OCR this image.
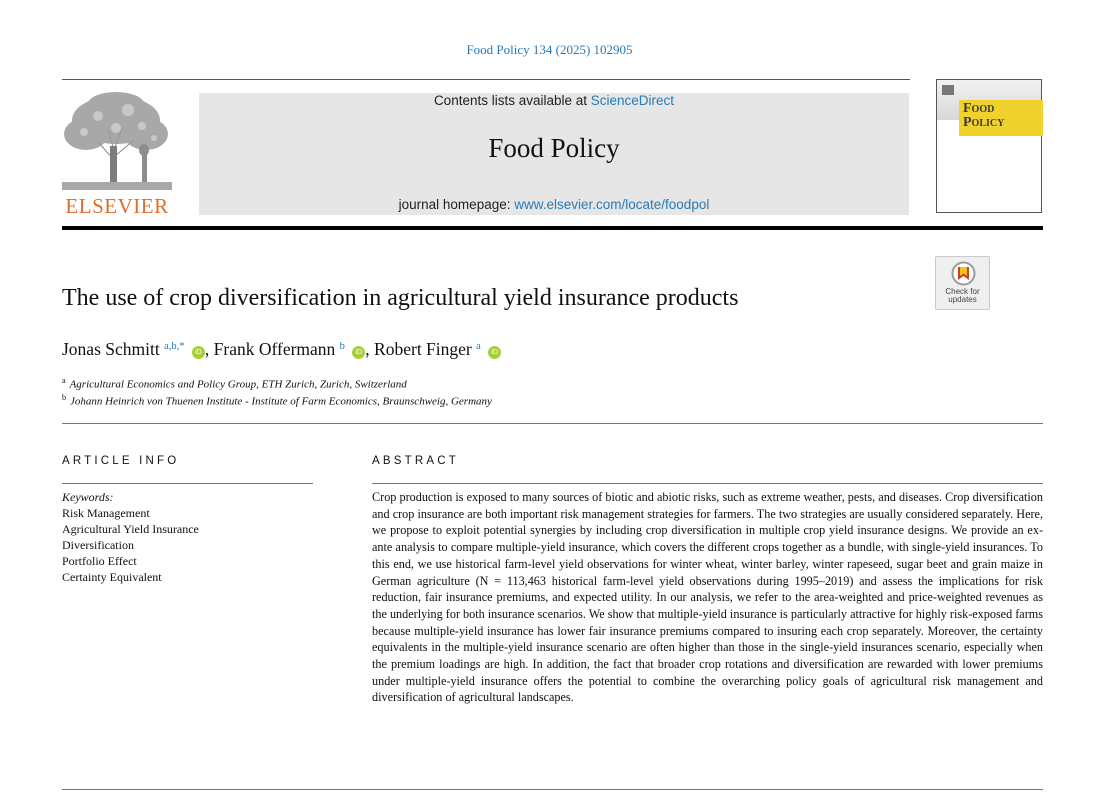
Food Policy 134 (2025) 102905
ELSEVIER
Contents lists available at ScienceDirect
Food Policy
journal homepage: www.elsevier.com/locate/foodpol
Food
Policy
Check for
updates
The use of crop diversification in agricultural yield insurance products
Jonas Schmitt $^{a,b,*}$ iD , Frank Offermann $^b$ iD , Robert Finger $^a$ iD
$^a$ Agricultural Economics and Policy Group, ETH Zurich, Zurich, Switzerland
$^b$ Johann Heinrich von Thuenen Institute - Institute of Farm Economics, Braunschweig, Germany
ARTICLE INFO
Keywords:
Risk Management
Agricultural Yield Insurance
Diversification
Portfolio Effect
Certainty Equivalent
ABSTRACT
Crop production is exposed to many sources of biotic and abiotic risks, such as extreme weather, pests, and diseases. Crop diversification and crop insurance are both important risk management strategies for farmers. The two strategies are usually considered separately. Here, we propose to exploit potential synergies by including crop diversification in multiple crop yield insurance designs. We provide an ex-ante analysis to compare multiple-yield insurance, which covers the different crops together as a bundle, with single-yield insurances. To this end, we use historical farm-level yield observations for winter wheat, winter barley, winter rapeseed, sugar beet and grain maize in German agriculture (N = 113,463 historical farm-level yield observations during 1995–2019) and assess the implications for risk reduction, fair insurance premiums, and expected utility. In our analysis, we refer to the area-weighted and price-weighted revenues as the underlying for both insurance scenarios. We show that multiple-yield insurance is particularly attractive for highly risk-exposed farms because multiple-yield insurance has lower fair insurance premiums compared to insuring each crop separately. Moreover, the certainty equivalents in the multiple-yield insurance scenario are often higher than those in the single-yield insurances scenario, especially when the premium loadings are high. In addition, the fact that broader crop rotations and diversification are rewarded with lower premiums under multiple-yield insurance offers the potential to combine the overarching policy goals of agricultural risk management and diversification of agricultural landscapes.
